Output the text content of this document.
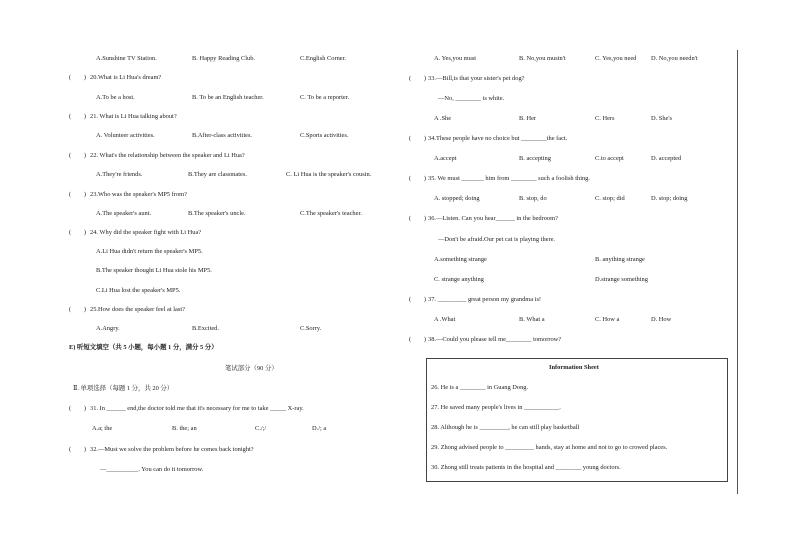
A.Sunshine TV Station.	B. Happy Reading Club.	C.English Corner.
(　　) 20.What is Li Hua's dream?
A.To be a host.	B. To be an English teacher.	C. To be a reporter.
(　　) 21. What is Li Hua talking about?
A. Volunteer activities.	B.After-class activities.	C.Sports activities.
(　　) 22. What's the relationship between the speaker and Li Hua?
A.They're friends.	B.They are classmates.	C. Li Hua is the speaker's cousin.
(　　) 23.Who was the speaker's MP5 from?
A.The speaker's aunt.	B.The speaker's uncle.	C.The speaker's teacher.
(　　) 24. Why did the speaker fight with Li Hua?
A.Li Hua didn't return the speaker's MP5.
B.The speaker thought Li Hua stole his MP5.
C.Li Hua lost the speaker's MP5.
(　　) 25.How does the speaker feel at last?
A.Angry.	B.Excited.	C.Sorry.
E) 听短文填空（共 5 小题，每小题 1 分，满分 5 分）
笔试部分（90 分）
Ⅱ. 单项选择（每题 1 分，共 20 分）
(　　) 31. In ______ end,the doctor told me that it's necessary for me to take _____ X-ray.
A.a; the	B. the; an	C./;/	D./; a
(　　) 32.—Must we solve the problem before he comes back tonight?
—__________. You can do it tomorrow.
A. Yes,you must	B. No,you mustn't	C. Yes,you need D. No,you needn't
(　　) 33.—Bill,is that your sister's pet dog?
—No, ________ is white.
A .She	B. Her	C. Hers	D. She's
(　　) 34.These people have no choice but ________the fact.
A.accept	B. accepting	C.to accept	D. accepted
(　　) 35. We must _______ him from ________ such a foolish thing.
A. stopped; doing	B. stop, do	C. stop; did	D. stop; doing
(　　) 36.—Listen. Can you hear______ in the bedroom?
—Don't be afraid.Our pet cat is playing there.
A.something strange	B. anything strange
C. strange anything	D.strange something
(　　) 37. _________ great person my grandma is!
A .What	B. What a	C. How a	D. How
(　　) 38.—Could you please tell me________ tomorrow?
Information Sheet
26. He is a ________ in Guang Dong.
27. He saved many people's lives in ___________.
28. Although he is _________, he can still play basketball
29. Zhong advised people to _________ hands, stay at home and not to go to crowed places.
30. Zhong still treats patients in the hospital and ________ young doctors.
